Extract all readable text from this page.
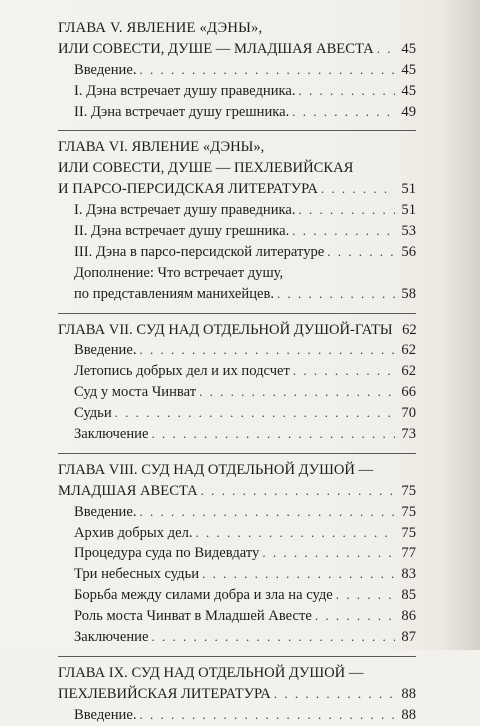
ГЛАВА V. ЯВЛЕНИЕ «ДЭНЫ»,
ИЛИ СОВЕСТИ, ДУШЕ — МЛАДШАЯ АВЕСТА . . . 45
Введение. . . .	45
I. Дэна встречает душу праведника. . . .	45
II. Дэна встречает душу грешника. . . .	49
ГЛАВА VI. ЯВЛЕНИЕ «ДЭНЫ»,
ИЛИ СОВЕСТИ, ДУШЕ — ПЕХЛЕВИЙСКАЯ
И ПАРСО-ПЕРСИДСКАЯ ЛИТЕРАТУРА . . .	51
I. Дэна встречает душу праведника. . . .	51
II. Дэна встречает душу грешника. . . .	53
III. Дэна в парсо-персидской литературе . . .	56
Дополнение: Что встречает душу,
по представлениям манихейцев. . . .	58
ГЛАВА VII. СУД НАД ОТДЕЛЬНОЙ ДУШОЙ-ГАТЫ 62
Введение. . . .	62
Летопись добрых дел и их подсчет . . .	62
Суд у моста Чинват . . .	66
Судьи . . .	70
Заключение . . .	73
ГЛАВА VIII. СУД НАД ОТДЕЛЬНОЙ ДУШОЙ —
МЛАДШАЯ АВЕСТА . . .	75
Введение. . . .	75
Архив добрых дел. . . .	75
Процедура суда по Видевдату . . .	77
Три небесных судьи . . .	83
Борьба между силами добра и зла на суде . . .	85
Роль моста Чинват в Младшей Авесте . . .	86
Заключение . . .	87
ГЛАВА IX. СУД НАД ОТДЕЛЬНОЙ ДУШОЙ —
ПЕХЛЕВИЙСКАЯ ЛИТЕРАТУРА . . .	88
Введение. . . .	88
